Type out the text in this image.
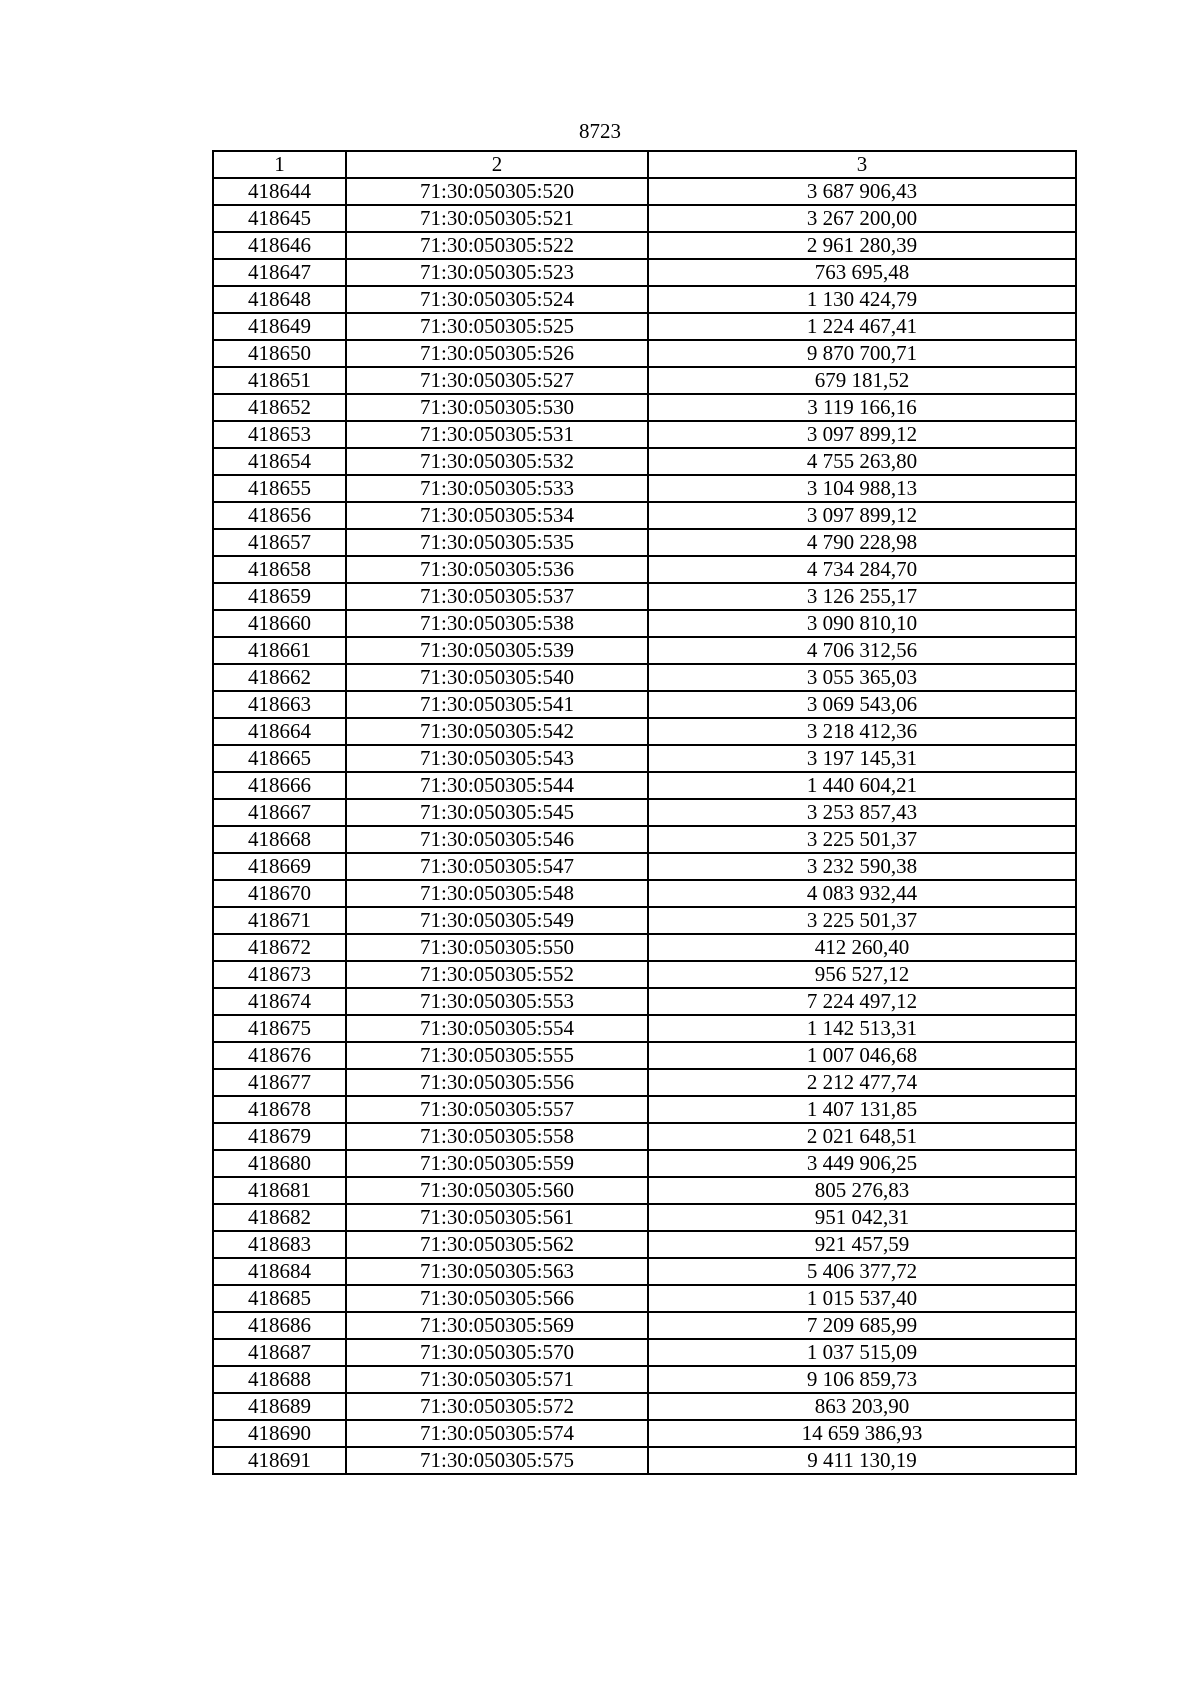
8723
1	2	3
418644	71:30:050305:520	3 687 906,43
418645	71:30:050305:521	3 267 200,00
418646	71:30:050305:522	2 961 280,39
418647	71:30:050305:523	763 695,48
418648	71:30:050305:524	1 130 424,79
418649	71:30:050305:525	1 224 467,41
418650	71:30:050305:526	9 870 700,71
418651	71:30:050305:527	679 181,52
418652	71:30:050305:530	3 119 166,16
418653	71:30:050305:531	3 097 899,12
418654	71:30:050305:532	4 755 263,80
418655	71:30:050305:533	3 104 988,13
418656	71:30:050305:534	3 097 899,12
418657	71:30:050305:535	4 790 228,98
418658	71:30:050305:536	4 734 284,70
418659	71:30:050305:537	3 126 255,17
418660	71:30:050305:538	3 090 810,10
418661	71:30:050305:539	4 706 312,56
418662	71:30:050305:540	3 055 365,03
418663	71:30:050305:541	3 069 543,06
418664	71:30:050305:542	3 218 412,36
418665	71:30:050305:543	3 197 145,31
418666	71:30:050305:544	1 440 604,21
418667	71:30:050305:545	3 253 857,43
418668	71:30:050305:546	3 225 501,37
418669	71:30:050305:547	3 232 590,38
418670	71:30:050305:548	4 083 932,44
418671	71:30:050305:549	3 225 501,37
418672	71:30:050305:550	412 260,40
418673	71:30:050305:552	956 527,12
418674	71:30:050305:553	7 224 497,12
418675	71:30:050305:554	1 142 513,31
418676	71:30:050305:555	1 007 046,68
418677	71:30:050305:556	2 212 477,74
418678	71:30:050305:557	1 407 131,85
418679	71:30:050305:558	2 021 648,51
418680	71:30:050305:559	3 449 906,25
418681	71:30:050305:560	805 276,83
418682	71:30:050305:561	951 042,31
418683	71:30:050305:562	921 457,59
418684	71:30:050305:563	5 406 377,72
418685	71:30:050305:566	1 015 537,40
418686	71:30:050305:569	7 209 685,99
418687	71:30:050305:570	1 037 515,09
418688	71:30:050305:571	9 106 859,73
418689	71:30:050305:572	863 203,90
418690	71:30:050305:574	14 659 386,93
418691	71:30:050305:575	9 411 130,19
